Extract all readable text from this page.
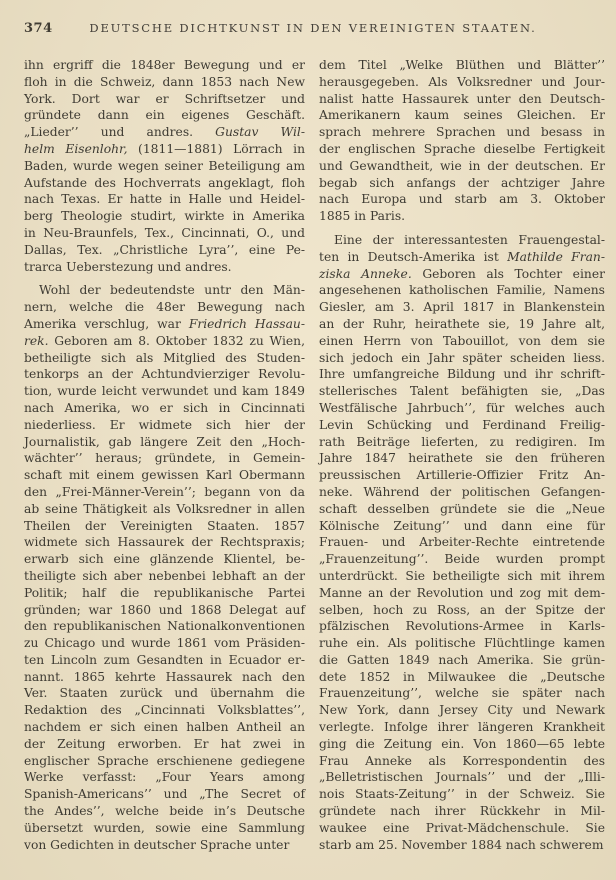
374	DEUTSCHE DICHTKUNST IN DEN VEREINIGTEN STAATEN.
ihn ergriff die 1848er Bewegung und er
floh in die Schweiz, dann 1853 nach New
York. Dort war er Schriftsetzer und
gründete dann ein eigenes Geschäft.
„Lieder’’ und andres. Gustav Wil-
helm Eisenlohr, (1811—1881) Lörrach in
Baden, wurde wegen seiner Beteiligung am
Aufstande des Hochverrats angeklagt, floh
nach Texas. Er hatte in Halle und Heidel-
berg Theologie studirt, wirkte in Amerika
in Neu-Braunfels, Tex., Cincinnati, O., und
Dallas, Tex. „Christliche Lyra’’, eine Pe-
trarca Ueberstezung und andres.
Wohl der bedeutendste untr den Män-
nern, welche die 48er Bewegung nach
Amerika verschlug, war Friedrich Hassau-
rek. Geboren am 8. Oktober 1832 zu Wien,
betheiligte sich als Mitglied des Studen-
tenkorps an der Achtundvierziger Revolu-
tion, wurde leicht verwundet und kam 1849
nach Amerika, wo er sich in Cincinnati
niederliess. Er widmete sich hier der
Journalistik, gab längere Zeit den „Hoch-
wächter’’ heraus; gründete, in Gemein-
schaft mit einem gewissen Karl Obermann
den „Frei-Männer-Verein’’; begann von da
ab seine Thätigkeit als Volksredner in allen
Theilen der Vereinigten Staaten. 1857
widmete sich Hassaurek der Rechtspraxis;
erwarb sich eine glänzende Klientel, be-
theiligte sich aber nebenbei lebhaft an der
Politik; half die republikanische Partei
gründen; war 1860 und 1868 Delegat auf
den republikanischen Nationalkonventionen
zu Chicago und wurde 1861 vom Präsiden-
ten Lincoln zum Gesandten in Ecuador er-
nannt. 1865 kehrte Hassaurek nach den
Ver. Staaten zurück und übernahm die
Redaktion des „Cincinnati Volksblattes’’,
nachdem er sich einen halben Antheil an
der Zeitung erworben. Er hat zwei in
englischer Sprache erschienene gediegene
Werke verfasst: „Four Years among
Spanish-Americans’’ und „The Secret of
the Andes’’, welche beide in’s Deutsche
übersetzt wurden, sowie eine Sammlung
von Gedichten in deutscher Sprache unter
dem Titel „Welke Blüthen und Blätter’’
herausgegeben. Als Volksredner und Jour-
nalist hatte Hassaurek unter den Deutsch-
Amerikanern kaum seines Gleichen. Er
sprach mehrere Sprachen und besass in
der englischen Sprache dieselbe Fertigkeit
und Gewandtheit, wie in der deutschen. Er
begab sich anfangs der achtziger Jahre
nach Europa und starb am 3. Oktober
1885 in Paris.
Eine der interessantesten Frauengestal-
ten in Deutsch-Amerika ist Mathilde Fran-
ziska Anneke. Geboren als Tochter einer
angesehenen katholischen Familie, Namens
Giesler, am 3. April 1817 in Blankenstein
an der Ruhr, heirathete sie, 19 Jahre alt,
einen Herrn von Tabouillot, von dem sie
sich jedoch ein Jahr später scheiden liess.
Ihre umfangreiche Bildung und ihr schrift-
stellerisches Talent befähigten sie, „Das
Westfälische Jahrbuch’’, für welches auch
Levin Schücking und Ferdinand Freilig-
rath Beiträge lieferten, zu redigiren. Im
Jahre 1847 heirathete sie den früheren
preussischen Artillerie-Offizier Fritz An-
neke. Während der politischen Gefangen-
schaft desselben gründete sie die „Neue
Kölnische Zeitung’’ und dann eine für
Frauen- und Arbeiter-Rechte eintretende
„Frauenzeitung’’. Beide wurden prompt
unterdrückt. Sie betheiligte sich mit ihrem
Manne an der Revolution und zog mit dem-
selben, hoch zu Ross, an der Spitze der
pfälzischen Revolutions-Armee in Karls-
ruhe ein. Als politische Flüchtlinge kamen
die Gatten 1849 nach Amerika. Sie grün-
dete 1852 in Milwaukee die „Deutsche
Frauenzeitung’’, welche sie später nach
New York, dann Jersey City und Newark
verlegte. Infolge ihrer längeren Krankheit
ging die Zeitung ein. Von 1860—65 lebte
Frau Anneke als Korrespondentin des
„Belletristischen Journals’’ und der „Illi-
nois Staats-Zeitung’’ in der Schweiz. Sie
gründete nach ihrer Rückkehr in Mil-
waukee eine Privat-Mädchenschule. Sie
starb am 25. November 1884 nach schwerem
